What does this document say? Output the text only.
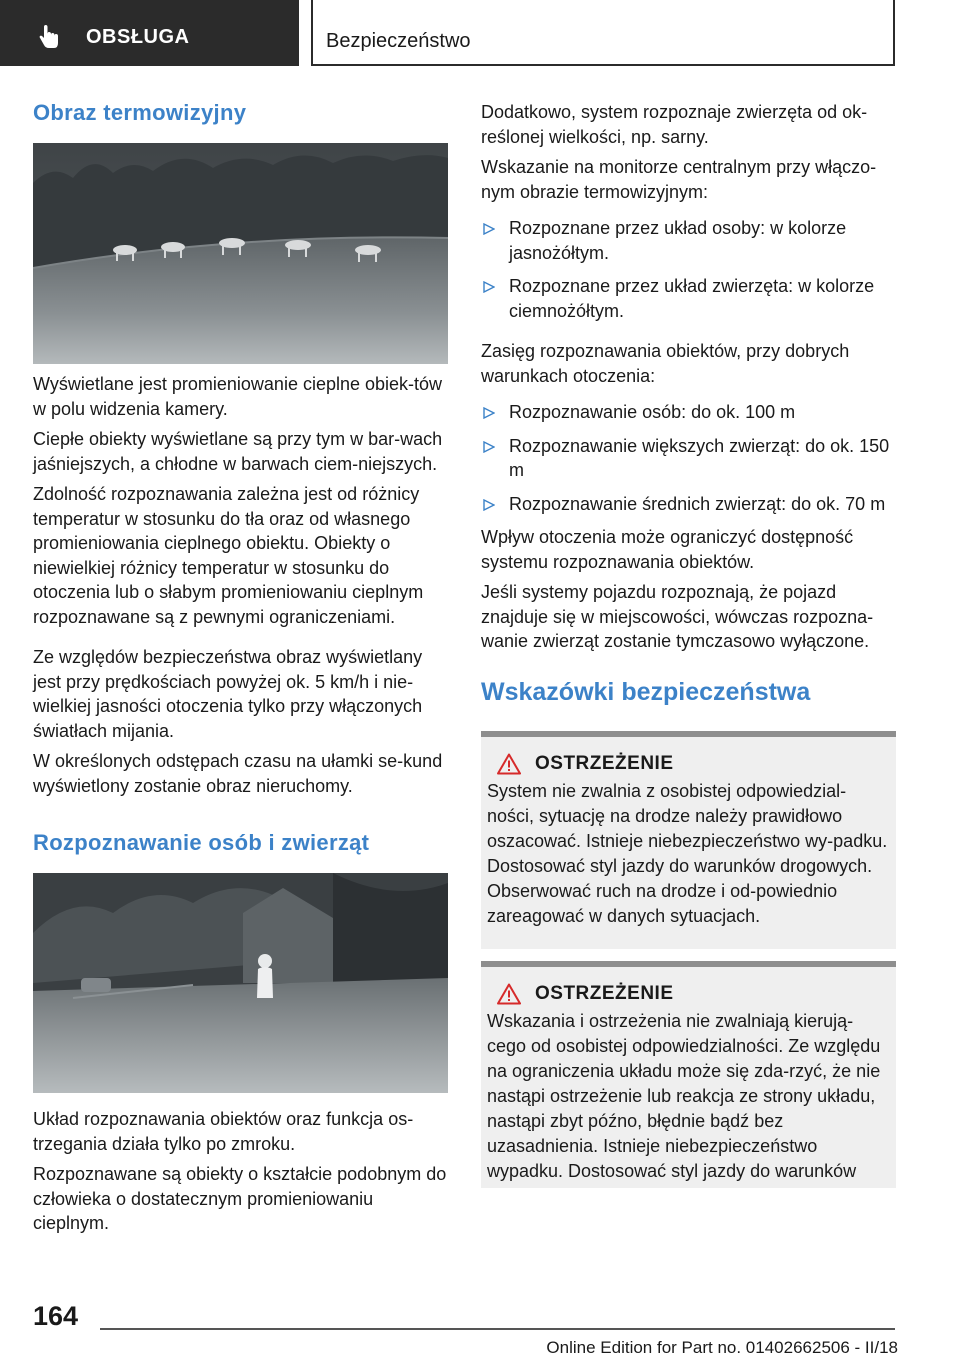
OBSŁUGA	Bezpieczeństwo
Obraz termowizyjny

Wyświetlane jest promieniowanie cieplne obiek-tów w polu widzenia kamery.

Ciepłe obiekty wyświetlane są przy tym w bar-wach jaśniejszych, a chłodne w barwach ciem-niejszych.

Zdolność rozpoznawania zależna jest od różnicy temperatur w stosunku do tła oraz od własnego promieniowania cieplnego obiektu. Obiekty o niewielkiej różnicy temperatur w stosunku do otoczenia lub o słabym promieniowaniu cieplnym rozpoznawane są z pewnymi ograniczeniami.

Ze względów bezpieczeństwa obraz wyświetlany jest przy prędkościach powyżej ok. 5 km/h i nie-wielkiej jasności otoczenia tylko przy włączonych światłach mijania.

W określonych odstępach czasu na ułamki se-kund wyświetlony zostanie obraz nieruchomy.

Rozpoznawanie osób i zwierząt

Układ rozpoznawania obiektów oraz funkcja os-trzegania działa tylko po zmroku.

Rozpoznawane są obiekty o kształcie podobnym do człowieka o dostatecznym promieniowaniu cieplnym.

Dodatkowo, system rozpoznaje zwierzęta od ok-reślonej wielkości, np. sarny.

Wskazanie na monitorze centralnym przy włączo-nym obrazie termowizyjnym:

Rozpoznane przez układ osoby: w kolorze jasnożółtym.
Rozpoznane przez układ zwierzęta: w kolorze ciemnożółtym.

Zasięg rozpoznawania obiektów, przy dobrych warunkach otoczenia:

Rozpoznawanie osób: do ok. 100 m
Rozpoznawanie większych zwierząt: do ok. 150 m
Rozpoznawanie średnich zwierząt: do ok. 70 m

Wpływ otoczenia może ograniczyć dostępność systemu rozpoznawania obiektów.

Jeśli systemy pojazdu rozpoznają, że pojazd znajduje się w miejscowości, wówczas rozpozna-wanie zwierząt zostanie tymczasowo wyłączone.

Wskazówki bezpieczeństwa
OSTRZEŻENIE

System nie zwalnia z osobistej odpowiedzial-ności, sytuację na drodze należy prawidłowo oszacować. Istnieje niebezpieczeństwo wy-padku. Dostosować styl jazdy do warunków drogowych. Obserwować ruch na drodze i od-powiednio zareagować w danych sytuacjach.

OSTRZEŻENIE

Wskazania i ostrzeżenia nie zwalniają kierują-cego od osobistej odpowiedzialności. Ze względu na ograniczenia układu może się zda-rzyć, że nie nastąpi ostrzeżenie lub reakcja ze strony układu, nastąpi zbyt późno, błędnie bądź bez uzasadnienia. Istnieje niebezpieczeństwo wypadku. Dostosować styl jazdy do warunków

164
Online Edition for Part no. 01402662506 - II/18
